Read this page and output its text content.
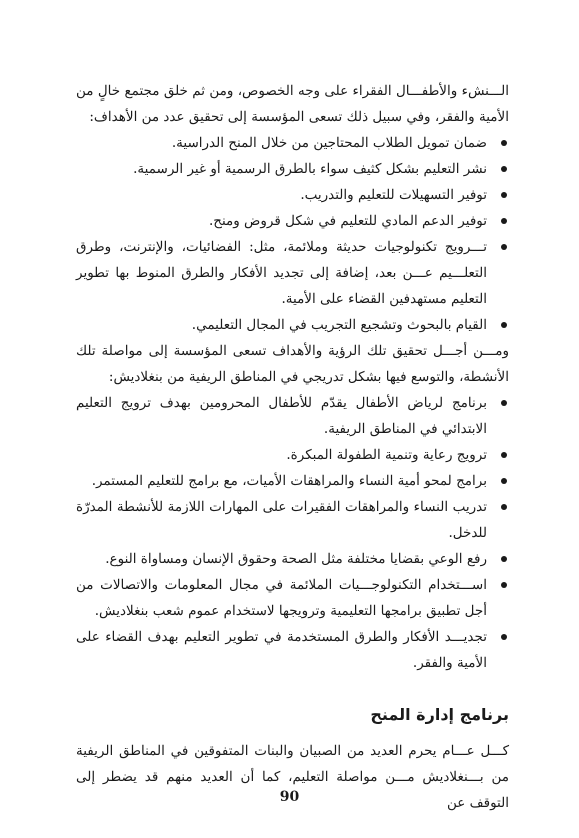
الـــنشء والأطفـــال الفقراء على وجه الخصوص، ومن ثم خلق مجتمع خالٍ من الأمية والفقر، وفي سبيل ذلك تسعى المؤسسة إلى تحقيق عدد من الأهداف:

ضمان تمويل الطلاب المحتاجين من خلال المنح الدراسية.
نشر التعليم بشكل كثيف سواء بالطرق الرسمية أو غير الرسمية.
توفير التسهيلات للتعليم والتدريب.
توفير الدعم المادي للتعليم في شكل قروض ومنح.
تـــرويج تكنولوجيات حديثة وملائمة، مثل: الفضائيات، والإنترنت، وطرق التعلـــيم عـــن بعد، إضافة إلى تجديد الأفكار والطرق المنوط بها تطوير التعليم مستهدفين القضاء على الأمية.
القيام بالبحوث وتشجيع التجريب في المجال التعليمي.

ومـــن أجـــل تحقيق تلك الرؤية والأهداف تسعى المؤسسة إلى مواصلة تلك الأنشطة، والتوسع فيها بشكل تدريجي في المناطق الريفية من بنغلاديش:

برنامج لرياض الأطفال يقدّم للأطفال المحرومين بهدف ترويج التعليم الابتدائي في المناطق الريفية.
ترويج رعاية وتنمية الطفولة المبكرة.
برامج لمحو أمية النساء والمراهقات الأميات، مع برامج للتعليم المستمر.
تدريب النساء والمراهقات الفقيرات على المهارات اللازمة للأنشطة المدرّة للدخل.
رفع الوعي بقضايا مختلفة مثل الصحة وحقوق الإنسان ومساواة النوع.
اســـتخدام التكنولوجـــيات الملائمة في مجال المعلومات والاتصالات من أجل تطبيق برامجها التعليمية وترويجها لاستخدام عموم شعب بنغلاديش.
تجديـــد الأفكار والطرق المستخدمة في تطوير التعليم بهدف القضاء على الأمية والفقر.
برنامج إدارة المنح

كـــل عـــام يحرم العديد من الصبيان والبنات المتفوقين في المناطق الريفية من بـــنغلاديش مـــن مواصلة التعليم، كما أن العديد منهم قد يضطر إلى التوقف عن

90
